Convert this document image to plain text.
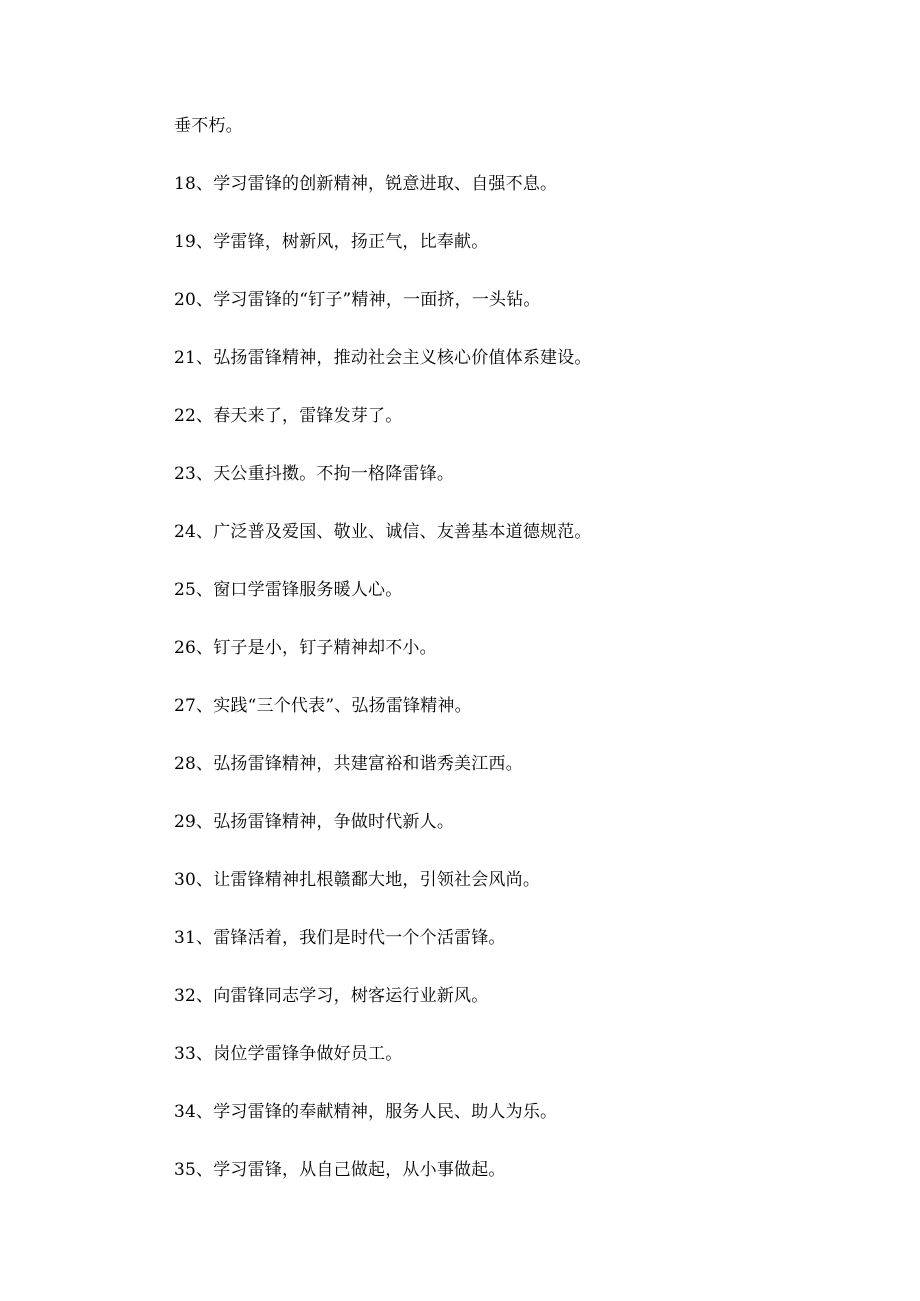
垂不朽。
18、学习雷锋的创新精神，锐意进取、自强不息。
19、学雷锋，树新风，扬正气，比奉献。
20、学习雷锋的“钉子”精神，一面挤，一头钻。
21、弘扬雷锋精神，推动社会主义核心价值体系建设。
22、春天来了，雷锋发芽了。
23、天公重抖擞。不拘一格降雷锋。
24、广泛普及爱国、敬业、诚信、友善基本道德规范。
25、窗口学雷锋服务暖人心。
26、钉子是小，钉子精神却不小。
27、实践“三个代表”、弘扬雷锋精神。
28、弘扬雷锋精神，共建富裕和谐秀美江西。
29、弘扬雷锋精神，争做时代新人。
30、让雷锋精神扎根赣鄱大地，引领社会风尚。
31、雷锋活着，我们是时代一个个活雷锋。
32、向雷锋同志学习，树客运行业新风。
33、岗位学雷锋争做好员工。
34、学习雷锋的奉献精神，服务人民、助人为乐。
35、学习雷锋，从自己做起，从小事做起。
